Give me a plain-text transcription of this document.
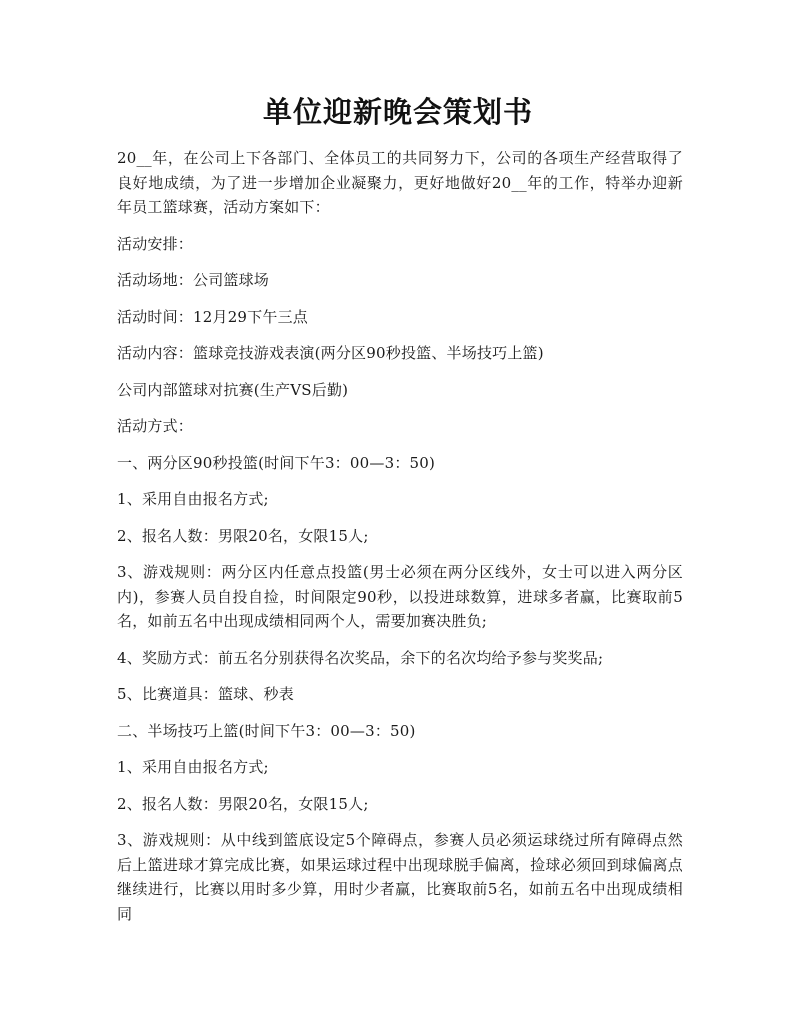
单位迎新晚会策划书

20__年，在公司上下各部门、全体员工的共同努力下，公司的各项生产经营取得了良好地成绩，为了进一步增加企业凝聚力，更好地做好20__年的工作，特举办迎新年员工篮球赛，活动方案如下：

活动安排：

活动场地：公司篮球场

活动时间：12月29下午三点

活动内容：篮球竞技游戏表演(两分区90秒投篮、半场技巧上篮)

公司内部篮球对抗赛(生产VS后勤)

活动方式：

一、两分区90秒投篮(时间下午3：00—3：50)

1、采用自由报名方式;

2、报名人数：男限20名，女限15人;

3、游戏规则：两分区内任意点投篮(男士必须在两分区线外，女士可以进入两分区内)，参赛人员自投自捡，时间限定90秒，以投进球数算，进球多者赢，比赛取前5名，如前五名中出现成绩相同两个人，需要加赛决胜负;

4、奖励方式：前五名分别获得名次奖品，余下的名次均给予参与奖奖品;

5、比赛道具：篮球、秒表

二、半场技巧上篮(时间下午3：00—3：50)

1、采用自由报名方式;

2、报名人数：男限20名，女限15人;

3、游戏规则：从中线到篮底设定5个障碍点，参赛人员必须运球绕过所有障碍点然后上篮进球才算完成比赛，如果运球过程中出现球脱手偏离，捡球必须回到球偏离点继续进行，比赛以用时多少算，用时少者赢，比赛取前5名，如前五名中出现成绩相同
